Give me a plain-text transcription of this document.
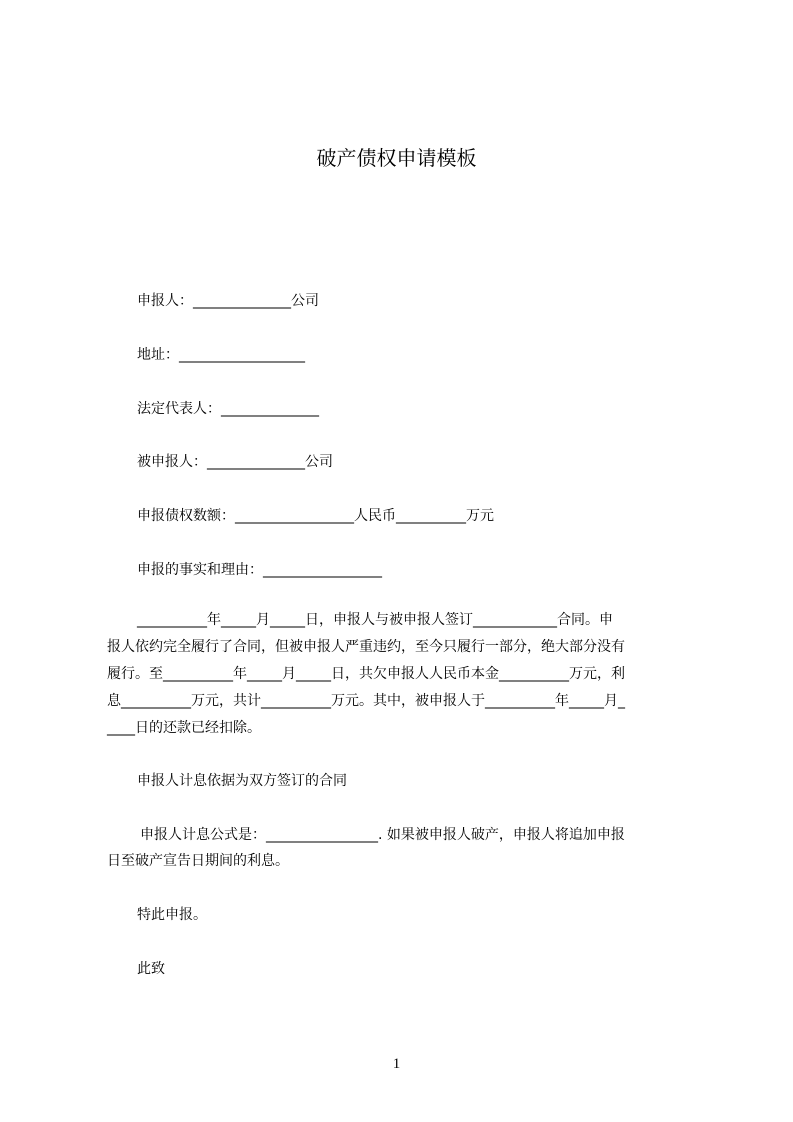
破产债权申请模板
申报人：______________公司
地址：__________________
法定代表人：______________
被申报人：______________公司
申报债权数额：_________________人民币__________万元
申报的事实和理由：_________________
__________年_____月_____日，申报人与被申报人签订____________合同。申
报人依约完全履行了合同，但被申报人严重违约，至今只履行一部分，绝大部分没有
履行。至__________年_____月_____日，共欠申报人人民币本金__________万元，利
息__________万元，共计__________万元。其中，被申报人于__________年_____月_
____日的还款已经扣除。
申报人计息依据为双方签订的合同
申报人计息公式是：________________. 如果被申报人破产，申报人将追加申报
日至破产宣告日期间的利息。
特此申报。
此致
1
